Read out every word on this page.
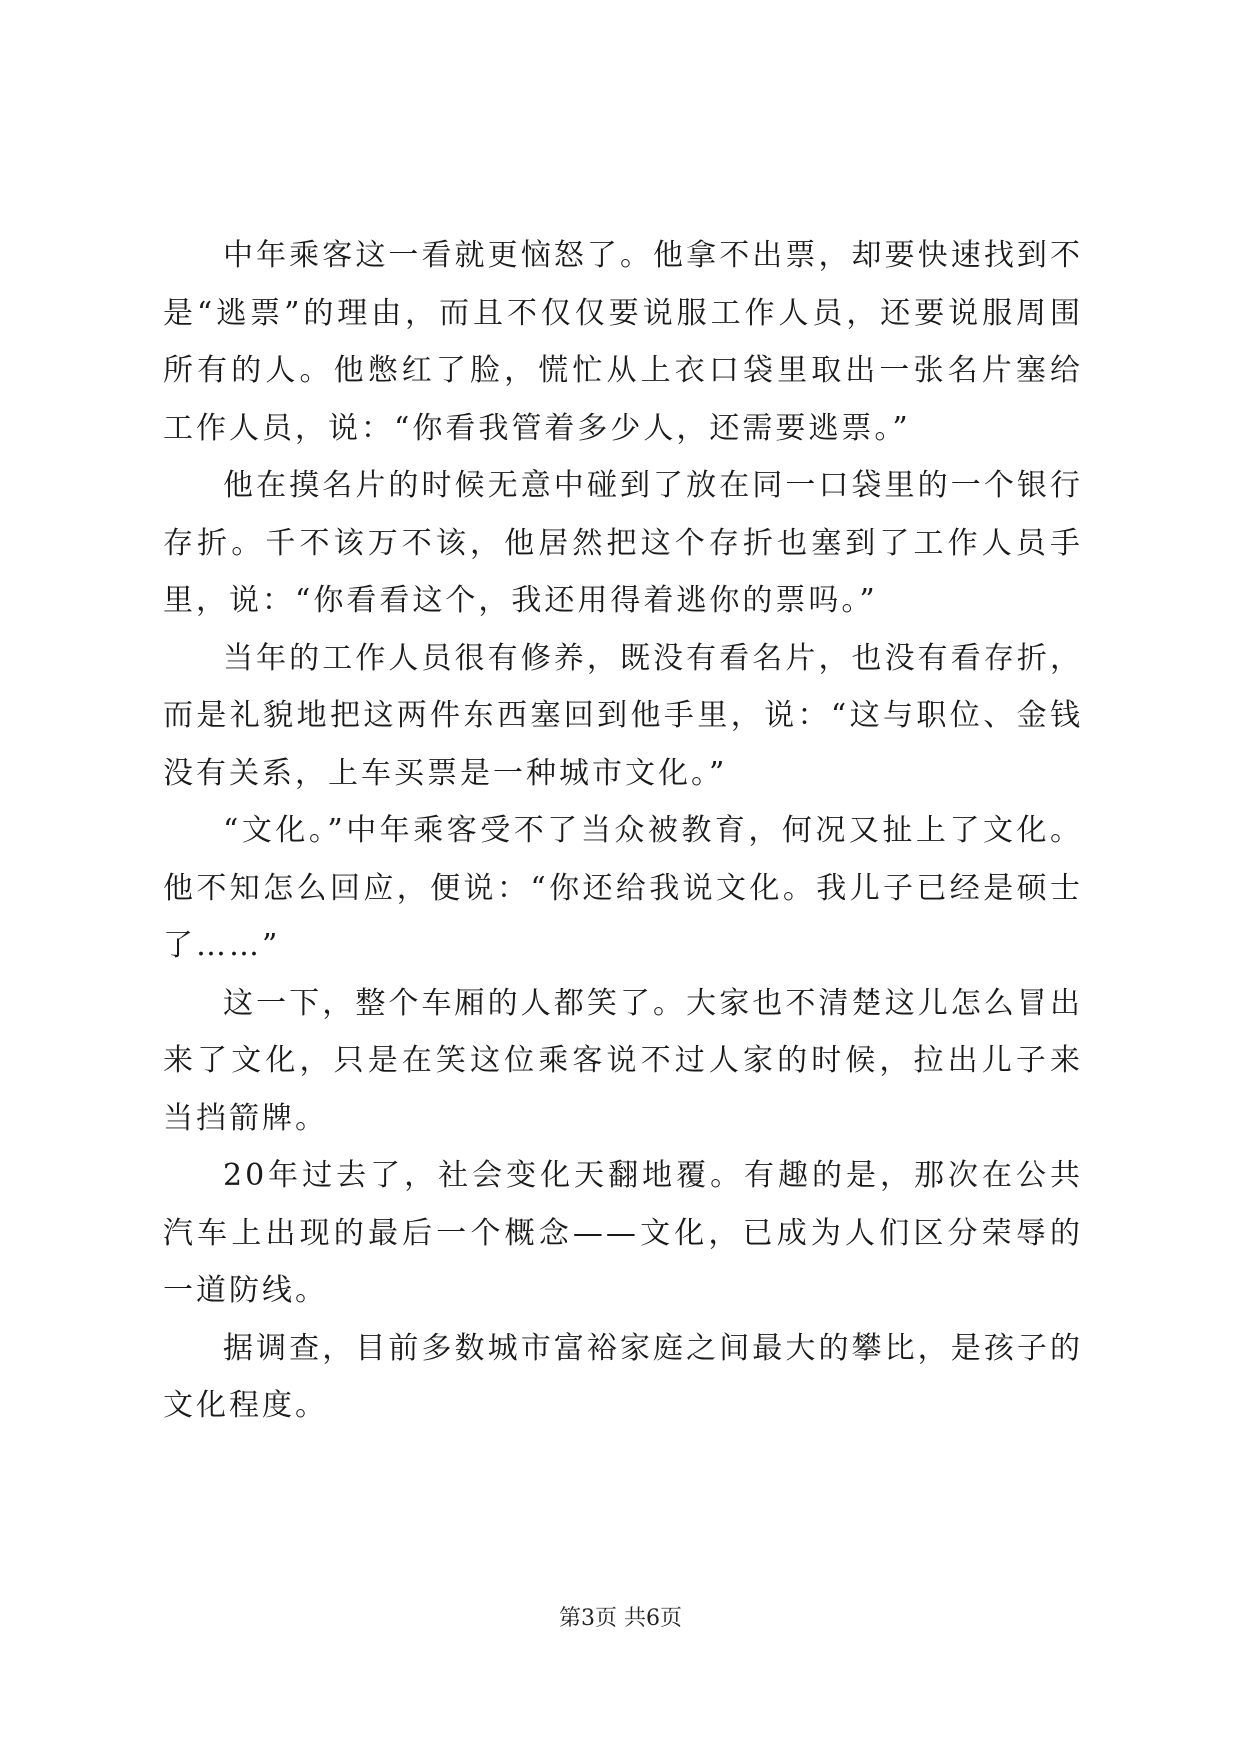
中年乘客这一看就更恼怒了。他拿不出票，却要快速找到不是“逃票”的理由，而且不仅仅要说服工作人员，还要说服周围所有的人。他憋红了脸，慌忙从上衣口袋里取出一张名片塞给工作人员，说：“你看我管着多少人，还需要逃票。”

他在摸名片的时候无意中碰到了放在同一口袋里的一个银行存折。千不该万不该，他居然把这个存折也塞到了工作人员手里，说：“你看看这个，我还用得着逃你的票吗。”

当年的工作人员很有修养，既没有看名片，也没有看存折，而是礼貌地把这两件东西塞回到他手里，说：“这与职位、金钱没有关系，上车买票是一种城市文化。”

“文化。”中年乘客受不了当众被教育，何况又扯上了文化。他不知怎么回应，便说：“你还给我说文化。我儿子已经是硕士了……”

这一下，整个车厢的人都笑了。大家也不清楚这儿怎么冒出来了文化，只是在笑这位乘客说不过人家的时候，拉出儿子来当挡箭牌。

20年过去了，社会变化天翻地覆。有趣的是，那次在公共汽车上出现的最后一个概念——文化，已成为人们区分荣辱的一道防线。

据调查，目前多数城市富裕家庭之间最大的攀比，是孩子的文化程度。

第3页 共6页
